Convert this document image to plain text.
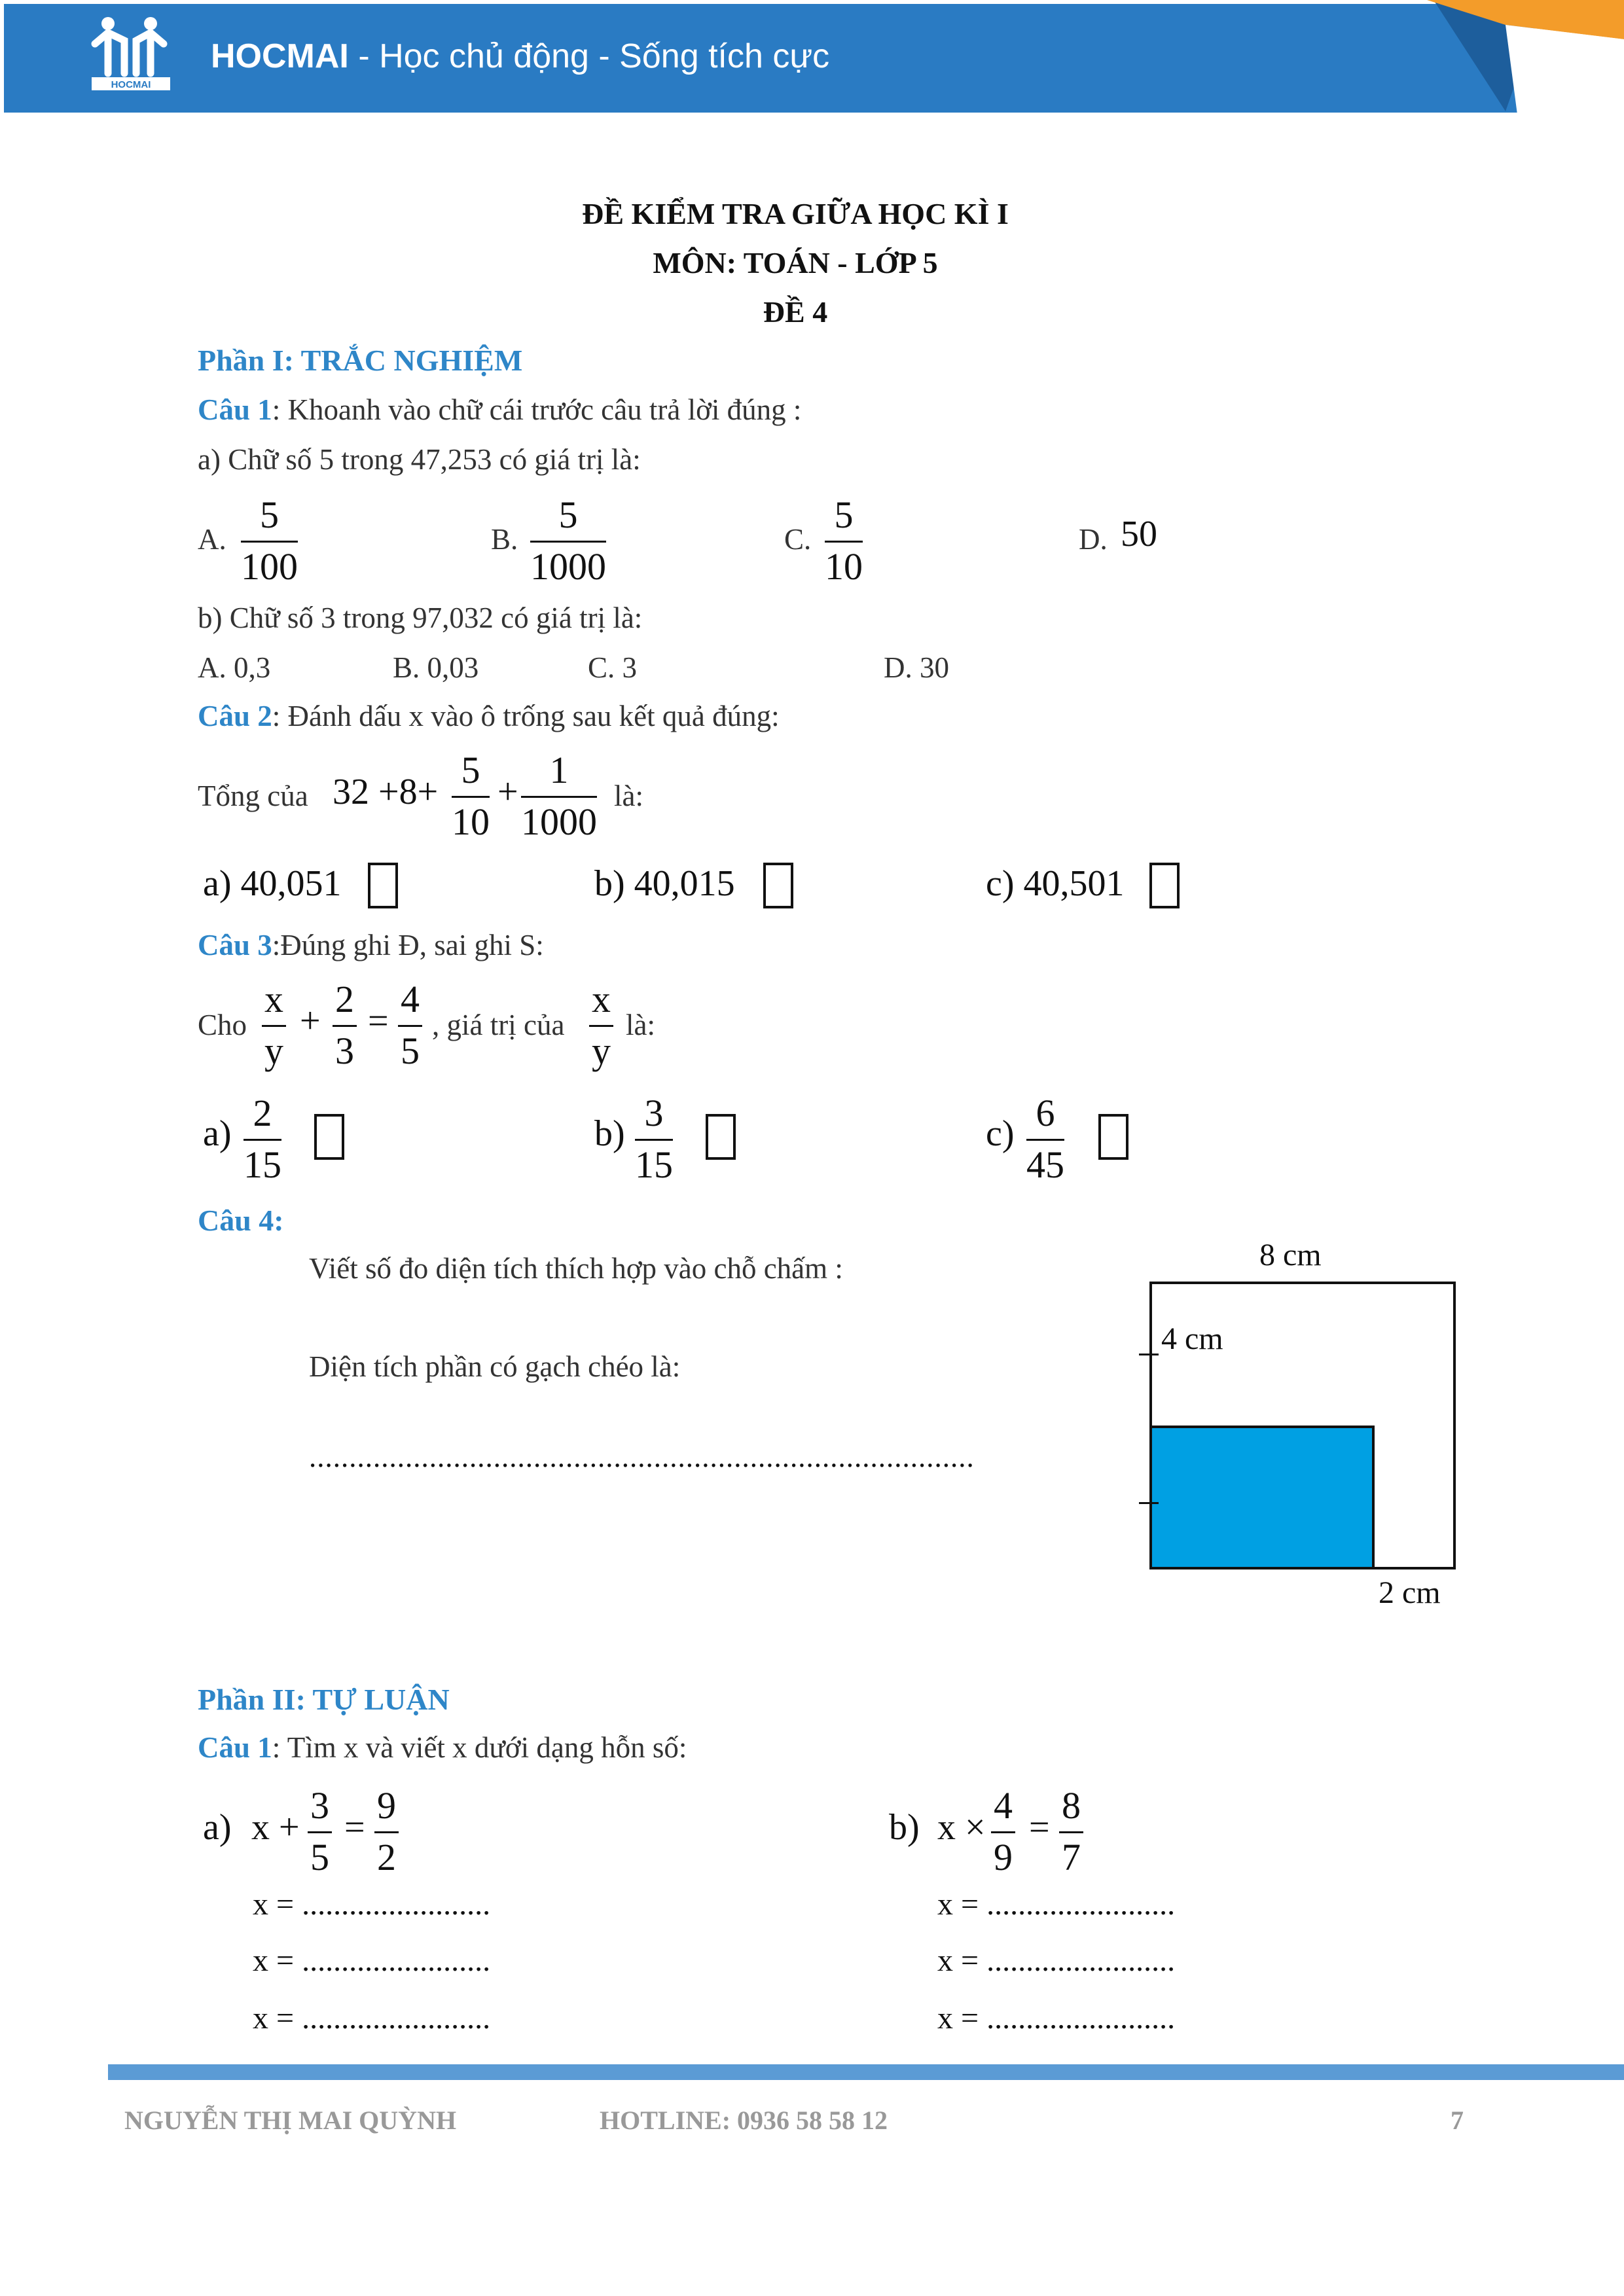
HOCMAI
HOCMAI - Học chủ động - Sống tích cực
ĐỀ KIỂM TRA GIỮA HỌC KÌ I
MÔN: TOÁN - LỚP 5
ĐỀ 4
Phần I: TRẮC NGHIỆM
Câu 1: Khoanh vào chữ cái trước câu trả lời đúng :
a) Chữ số 5 trong 47,253 có giá trị là:
A. $\frac{5}{100}$	B. $\frac{5}{1000}$	C. $\frac{5}{10}$	D. 50
b) Chữ số 3 trong 97,032 có giá trị là:
A. 0,3	B. 0,03	C. 3	D. 30
Câu 2: Đánh dấu x vào ô trống sau kết quả đúng:
Tổng của $32 +8+ \frac{5}{10} + \frac{1}{1000}$ là:
a) 40,051	b) 40,015	c) 40,501
Câu 3:Đúng ghi Đ, sai ghi S:
Cho $\frac{x}{y} + \frac{2}{3} = \frac{4}{5}$ , giá trị của $\frac{x}{y}$ là:
$a) \frac{2}{15}$	$b) \frac{3}{15}$	$c) \frac{6}{45}$
Câu 4:
Viết số đo diện tích thích hợp vào chỗ chấm :
Diện tích phần có gạch chéo là:
...................................................................................
8 cm
4 cm
2 cm
Phần II: TỰ LUẬN
Câu 1: Tìm x và viết x dưới dạng hỗn số:
a) $x + \frac{3}{5} = \frac{9}{2}$	b) $x \times \frac{4}{9} = \frac{8}{7}$
x = ........................
x = ........................
x = ........................
x = ........................
x = ........................
x = ........................
NGUYỄN THỊ MAI QUỲNH	HOTLINE: 0936 58 58 12	7
